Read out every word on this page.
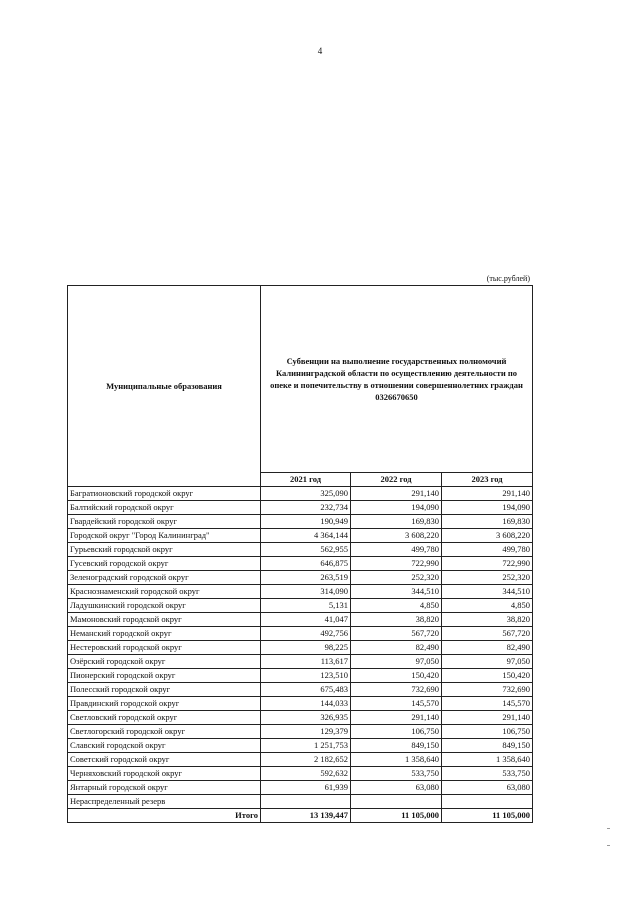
4
(тыс.рублей)
Муниципальные образования	Субвенции на выполнение государственных полномочий Калининградской области по осуществлению деятельности по опеке и попечительству в отношении совершеннолетних граждан 0326670650		
	2021 год	2022 год	2023 год
Багратионовский городской округ	325,090	291,140	291,140
Балтийский городской округ	232,734	194,090	194,090
Гвардейский городской округ	190,949	169,830	169,830
Городской округ "Город Калининград"	4 364,144	3 608,220	3 608,220
Гурьевский городской округ	562,955	499,780	499,780
Гусевский городской округ	646,875	722,990	722,990
Зеленоградский городской округ	263,519	252,320	252,320
Краснознаменский городской округ	314,090	344,510	344,510
Ладушкинский городской округ	5,131	4,850	4,850
Мамоновский городской округ	41,047	38,820	38,820
Неманский городской округ	492,756	567,720	567,720
Нестеровский городской округ	98,225	82,490	82,490
Озёрский городской округ	113,617	97,050	97,050
Пионерский городской округ	123,510	150,420	150,420
Полесский городской округ	675,483	732,690	732,690
Правдинский городской округ	144,033	145,570	145,570
Светловский городской округ	326,935	291,140	291,140
Светлогорский городской округ	129,379	106,750	106,750
Славский городской округ	1 251,753	849,150	849,150
Советский городской округ	2 182,652	1 358,640	1 358,640
Черняховский городской округ	592,632	533,750	533,750
Янтарный городской округ	61,939	63,080	63,080
Нераспределенный резерв			
Итого	13 139,447	11 105,000	11 105,000
